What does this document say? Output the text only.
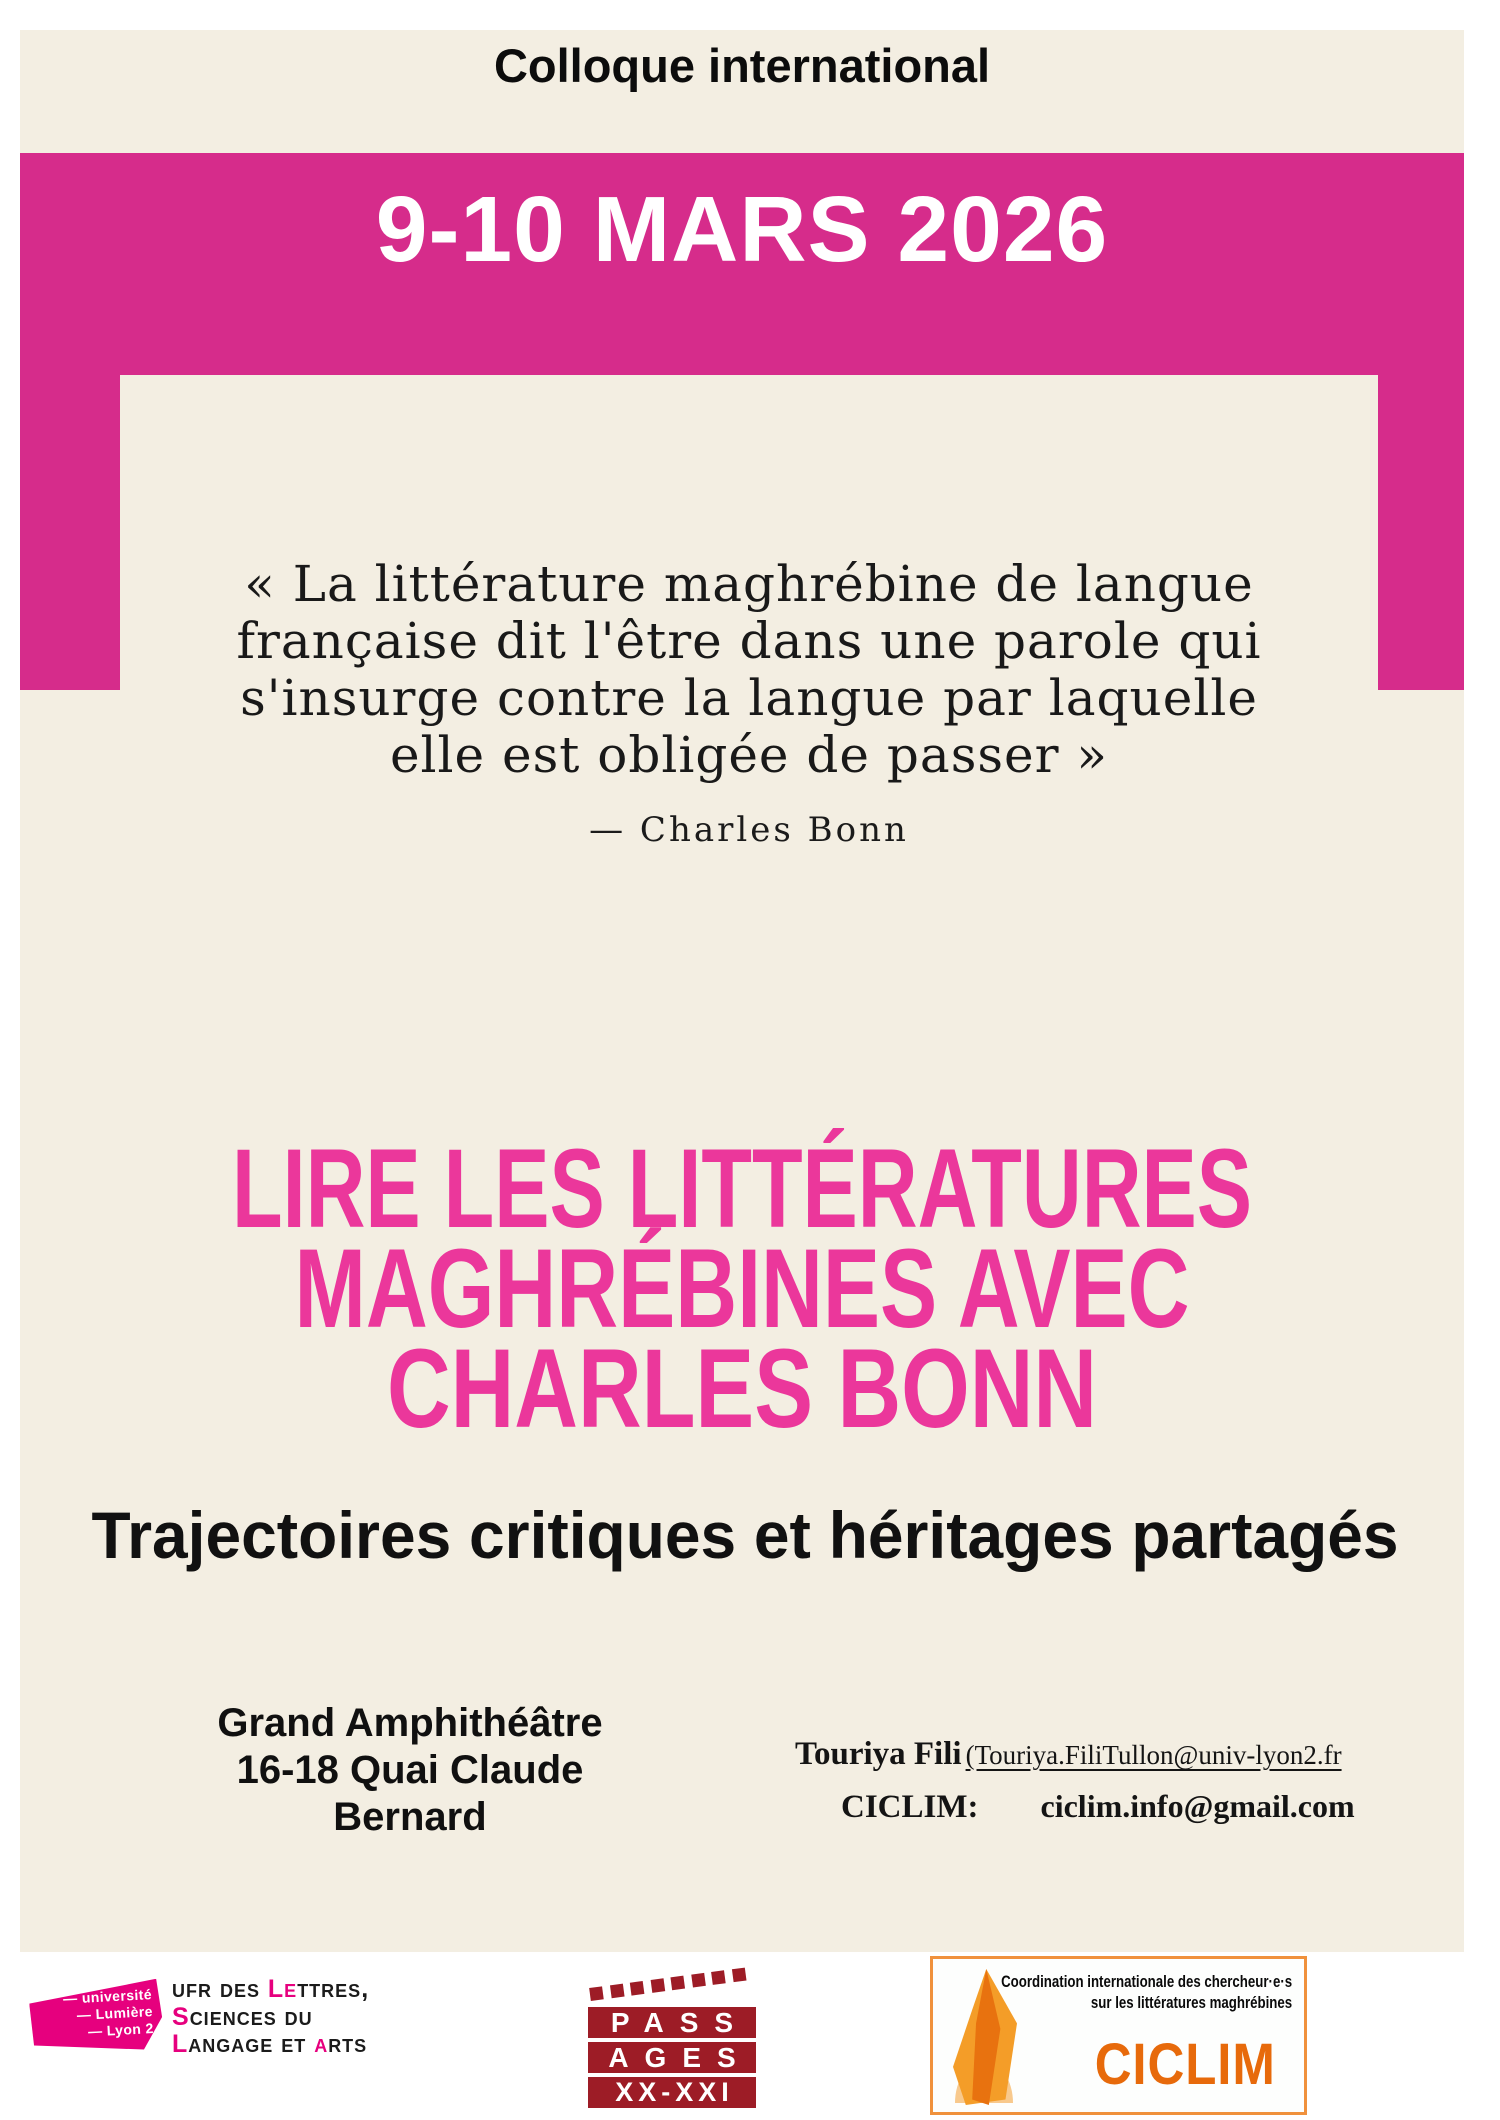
Colloque international
9-10 MARS 2026
« La littérature maghrébine de langue
française dit l'être dans une parole qui
s'insurge contre la langue par laquelle
elle est obligée de passer »
— Charles Bonn
LIRE LES LITTÉRATURES
MAGHRÉBINES AVEC
CHARLES BONN
Trajectoires critiques et héritages partagés
Grand Amphithéâtre
16-18 Quai Claude Bernard
Touriya Fili (Touriya.FiliTullon@univ-lyon2.fr
CICLIM: ciclim.info@gmail.com
— université
— Lumière
— Lyon 2
ufr des Lettres,
Sciences du
Langage et arts
PASS
AGES
XX-XXI
Coordination internationale des chercheur·e·s
sur les littératures maghrébines
CICLIM
